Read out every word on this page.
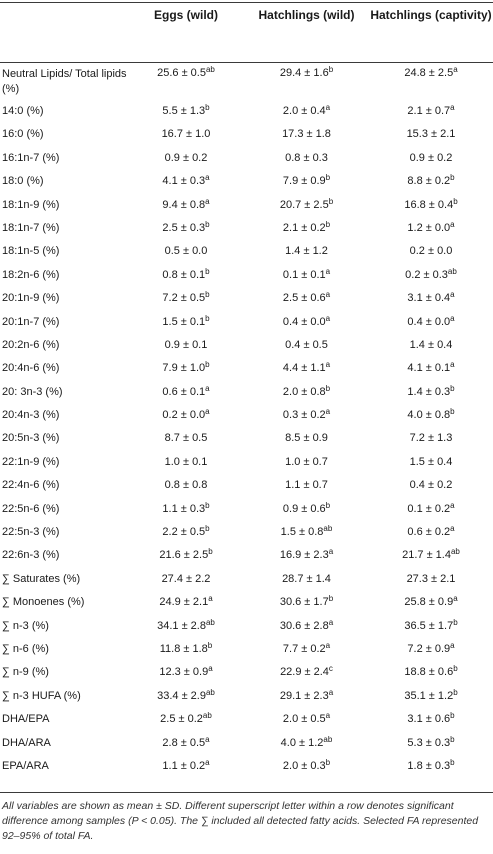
	Eggs (wild)	Hatchlings (wild)	Hatchlings (captivity)
Neutral Lipids/ Total lipids (%)	25.6 ± 0.5$^{ab}$	29.4 ± 1.6$^b$	24.8 ± 2.5$^a$
14:0 (%)	5.5 ± 1.3$^b$	2.0 ± 0.4$^a$	2.1 ± 0.7$^a$
16:0 (%)	16.7 ± 1.0	17.3 ± 1.8	15.3 ± 2.1
16:1n-7 (%)	0.9 ± 0.2	0.8 ± 0.3	0.9 ± 0.2
18:0 (%)	4.1 ± 0.3$^a$	7.9 ± 0.9$^b$	8.8 ± 0.2$^b$
18:1n-9 (%)	9.4 ± 0.8$^a$	20.7 ± 2.5$^b$	16.8 ± 0.4$^b$
18:1n-7 (%)	2.5 ± 0.3$^b$	2.1 ± 0.2$^b$	1.2 ± 0.0$^a$
18:1n-5 (%)	0.5 ± 0.0	1.4 ± 1.2	0.2 ± 0.0
18:2n-6 (%)	0.8 ± 0.1$^b$	0.1 ± 0.1$^a$	0.2 ± 0.3$^{ab}$
20:1n-9 (%)	7.2 ± 0.5$^b$	2.5 ± 0.6$^a$	3.1 ± 0.4$^a$
20:1n-7 (%)	1.5 ± 0.1$^b$	0.4 ± 0.0$^a$	0.4 ± 0.0$^a$
20:2n-6 (%)	0.9 ± 0.1	0.4 ± 0.5	1.4 ± 0.4
20:4n-6 (%)	7.9 ± 1.0$^b$	4.4 ± 1.1$^a$	4.1 ± 0.1$^a$
20: 3n-3 (%)	0.6 ± 0.1$^a$	2.0 ± 0.8$^b$	1.4 ± 0.3$^b$
20:4n-3 (%)	0.2 ± 0.0$^a$	0.3 ± 0.2$^a$	4.0 ± 0.8$^b$
20:5n-3 (%)	8.7 ± 0.5	8.5 ± 0.9	7.2 ± 1.3
22:1n-9 (%)	1.0 ± 0.1	1.0 ± 0.7	1.5 ± 0.4
22:4n-6 (%)	0.8 ± 0.8	1.1 ± 0.7	0.4 ± 0.2
22:5n-6 (%)	1.1 ± 0.3$^b$	0.9 ± 0.6$^b$	0.1 ± 0.2$^a$
22:5n-3 (%)	2.2 ± 0.5$^b$	1.5 ± 0.8$^{ab}$	0.6 ± 0.2$^a$
22:6n-3 (%)	21.6 ± 2.5$^b$	16.9 ± 2.3$^a$	21.7 ± 1.4$^{ab}$
∑ Saturates (%)	27.4 ± 2.2	28.7 ± 1.4	27.3 ± 2.1
∑ Monoenes (%)	24.9 ± 2.1$^a$	30.6 ± 1.7$^b$	25.8 ± 0.9$^a$
∑ n-3 (%)	34.1 ± 2.8$^{ab}$	30.6 ± 2.8$^a$	36.5 ± 1.7$^b$
∑ n-6 (%)	11.8 ± 1.8$^b$	7.7 ± 0.2$^a$	7.2 ± 0.9$^a$
∑ n-9 (%)	12.3 ± 0.9$^a$	22.9 ± 2.4$^c$	18.8 ± 0.6$^b$
∑ n-3 HUFA (%)	33.4 ± 2.9$^{ab}$	29.1 ± 2.3$^a$	35.1 ± 1.2$^b$
DHA/EPA	2.5 ± 0.2$^{ab}$	2.0 ± 0.5$^a$	3.1 ± 0.6$^b$
DHA/ARA	2.8 ± 0.5$^a$	4.0 ± 1.2$^{ab}$	5.3 ± 0.3$^b$
EPA/ARA	1.1 ± 0.2$^a$	2.0 ± 0.3$^b$	1.8 ± 0.3$^b$
All variables are shown as mean ± SD. Different superscript letter within a row denotes significant difference among samples (P < 0.05). The ∑ included all detected fatty acids. Selected FA represented 92–95% of total FA.
